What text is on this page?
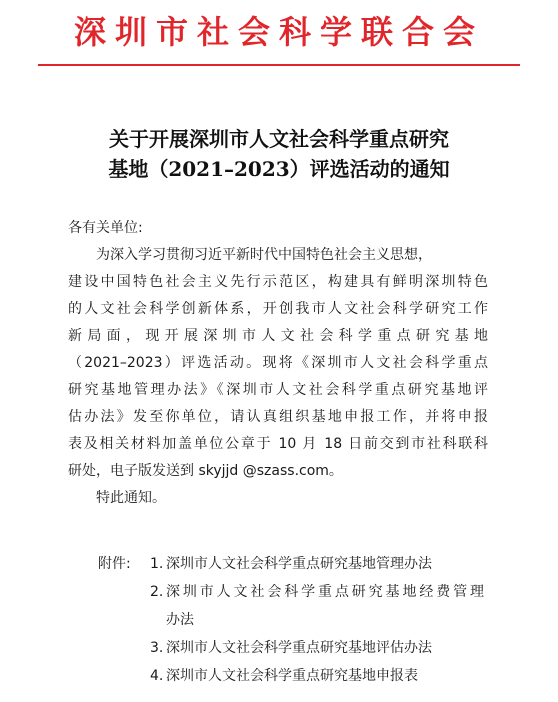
深圳市社会科学联合会
关于开展深圳市人文社会科学重点研究
基地（2021–2023）评选活动的通知
各有关单位:
为深入学习贯彻习近平新时代中国特色社会主义思想，
建设中国特色社会主义先行示范区，构建具有鲜明深圳特色
的人文社会科学创新体系，开创我市人文社会科学研究工作
新局面，现开展深圳市人文社会科学重点研究基地
（2021–2023）评选活动。现将《深圳市人文社会科学重点
研究基地管理办法》《深圳市人文社会科学重点研究基地评
估办法》发至你单位，请认真组织基地申报工作，并将申报
表及相关材料加盖单位公章于 10 月 18 日前交到市社科联科
研处，电子版发送到 skyjjd @szass.com。
特此通知。
附件: 1. 深圳市人文社会科学重点研究基地管理办法
2. 深圳市人文社会科学重点研究基地经费管理
办法
3. 深圳市人文社会科学重点研究基地评估办法
4. 深圳市人文社会科学重点研究基地申报表
